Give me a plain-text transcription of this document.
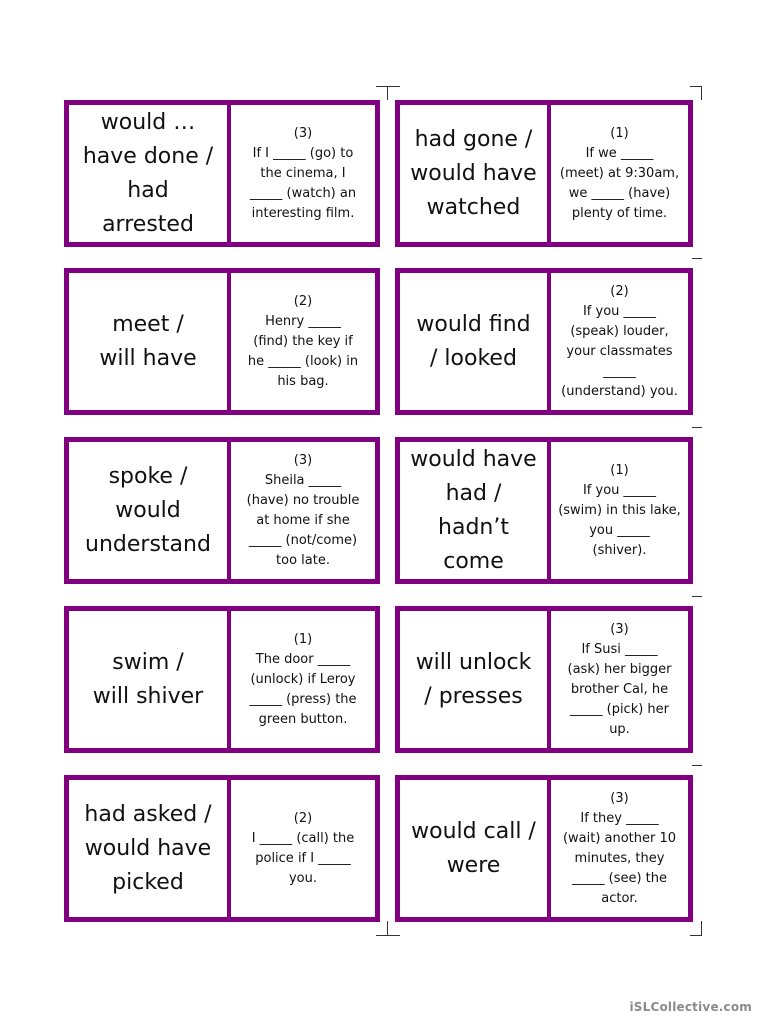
would …
have done /
had
arrested
(3)
If I _____ (go) to
the cinema, I
_____ (watch) an
interesting film.
had gone /
would have
watched
(1)
If we _____
(meet) at 9:30am,
we _____ (have)
plenty of time.
meet /
will have
(2)
Henry _____
(find) the key if
he _____ (look) in
his bag.
would find
/ looked
(2)
If you _____
(speak) louder,
your classmates
_____
(understand) you.
spoke /
would
understand
(3)
Sheila _____
(have) no trouble
at home if she
_____ (not/come)
too late.
would have
had /
hadn’t
come
(1)
If you _____
(swim) in this lake,
you _____
(shiver).
swim /
will shiver
(1)
The door _____
(unlock) if Leroy
_____ (press) the
green button.
will unlock
/ presses
(3)
If Susi _____
(ask) her bigger
brother Cal, he
_____ (pick) her
up.
had asked /
would have
picked
(2)
I _____ (call) the
police if I _____
you.
would call /
were
(3)
If they _____
(wait) another 10
minutes, they
_____ (see) the
actor.
iSLCollective.com
